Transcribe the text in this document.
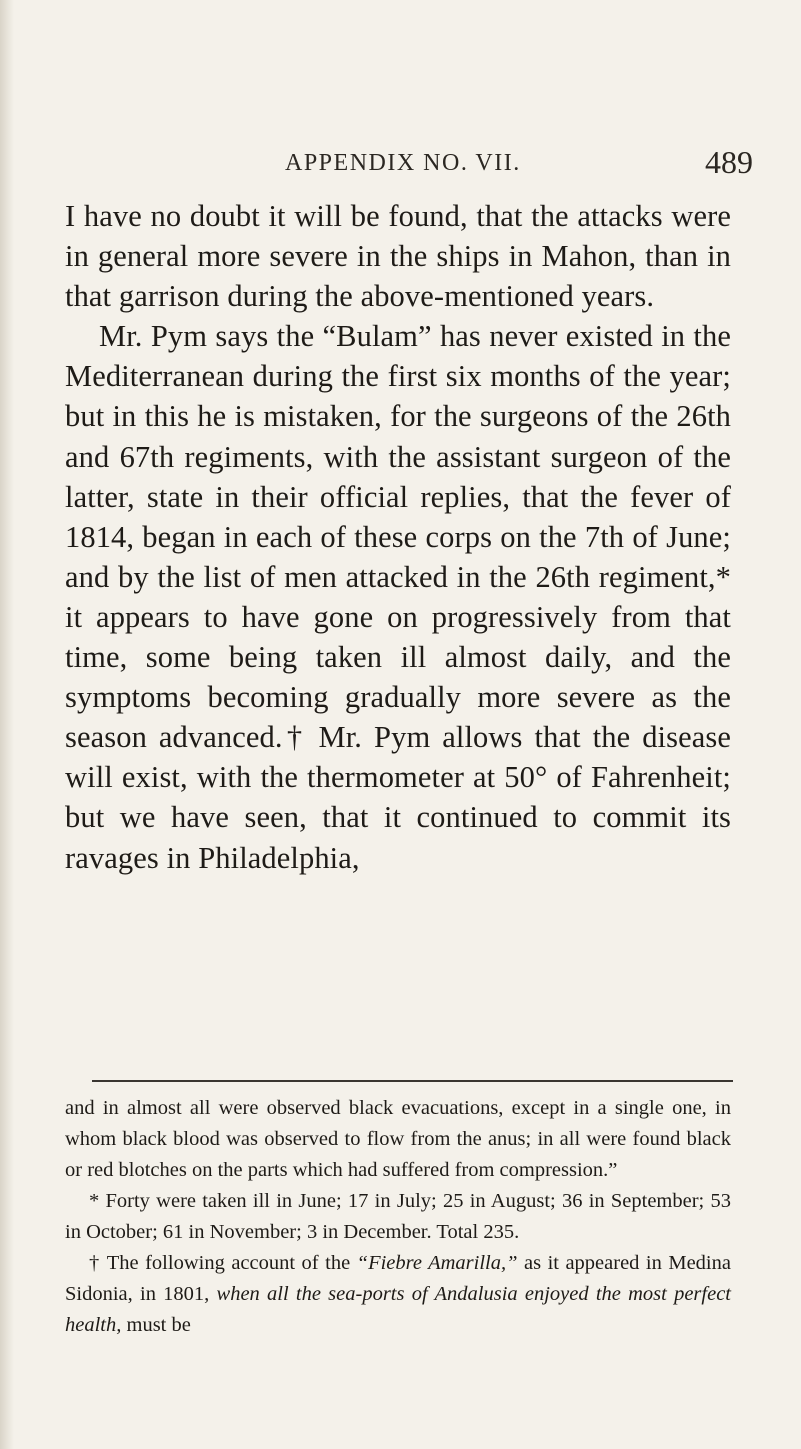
APPENDIX NO. VII.	489

I have no doubt it will be found, that the attacks were in general more severe in the ships in Mahon, than in that garrison during the above-mentioned years.

Mr. Pym says the “Bulam” has never existed in the Mediterranean during the first six months of the year; but in this he is mistaken, for the surgeons of the 26th and 67th regiments, with the assistant surgeon of the latter, state in their official replies, that the fever of 1814, began in each of these corps on the 7th of June; and by the list of men attacked in the 26th regiment,* it appears to have gone on progressively from that time, some being taken ill almost daily, and the symptoms becoming gradually more severe as the season advanced.† Mr. Pym allows that the disease will exist, with the thermometer at 50° of Fahrenheit; but we have seen, that it continued to commit its ravages in Philadelphia,

and in almost all were observed black evacuations, except in a single one, in whom black blood was observed to flow from the anus; in all were found black or red blotches on the parts which had suffered from compression.”

* Forty were taken ill in June; 17 in July; 25 in August; 36 in September; 53 in October; 61 in November; 3 in December. Total 235.

† The following account of the “Fiebre Amarilla,” as it appeared in Medina Sidonia, in 1801, when all the sea-ports of Andalusia enjoyed the most perfect health, must be
